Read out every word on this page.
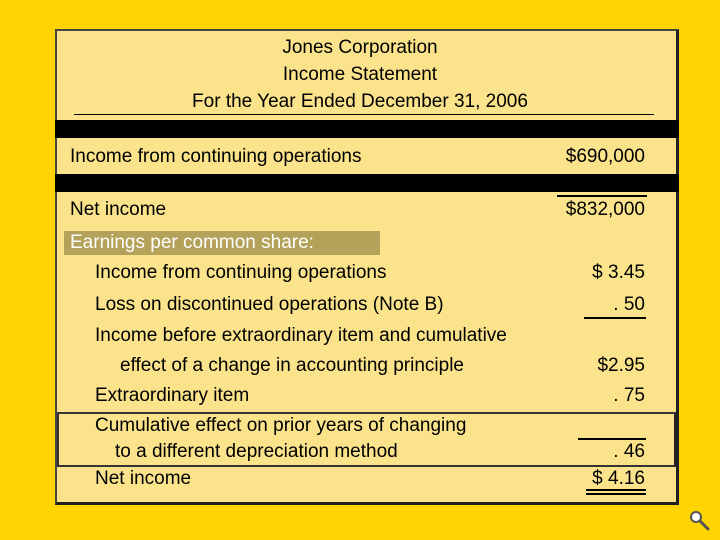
Jones Corporation
Income Statement
For the Year Ended December 31, 2006
Income from continuing operations	$690,000
Net income	$832,000
Earnings per common share:
Income from continuing operations	$ 3.45
Loss on discontinued operations (Note B)	. 50
Income before extraordinary item and cumulative
effect of a change in accounting principle	$2.95
Extraordinary item	. 75
Cumulative effect on prior years of changing
to a different depreciation method	. 46
Net income	$ 4.16
